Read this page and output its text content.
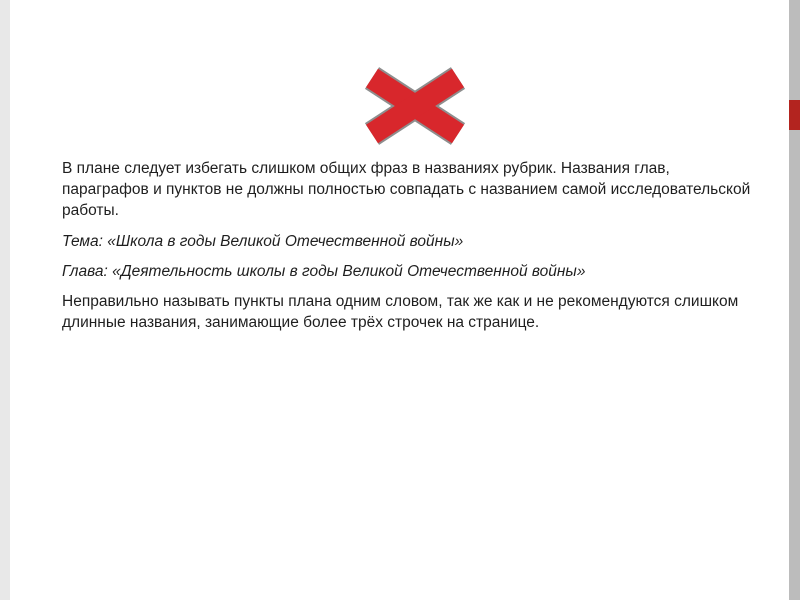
В плане следует избегать слишком общих фраз в названиях рубрик. Названия глав, параграфов и пунктов не должны полностью совпадать с названием самой исследовательской работы.

Тема: «Школа в годы Великой Отечественной войны»

Глава: «Деятельность школы в годы Великой Отечественной войны»

Неправильно называть пункты плана одним словом, так же как и не рекомендуются слишком длинные названия, занимающие более трёх строчек на странице.
